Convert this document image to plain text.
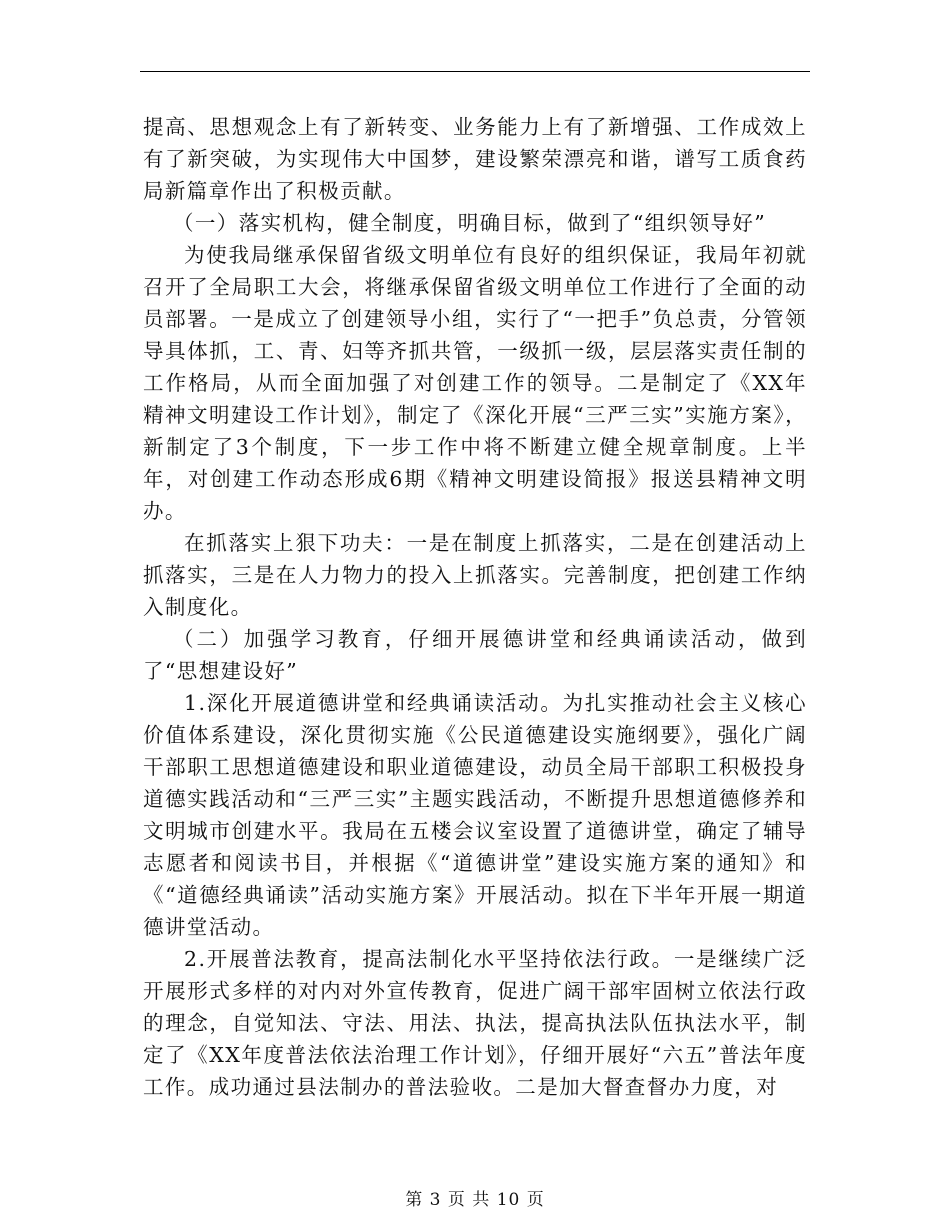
提高、思想观念上有了新转变、业务能力上有了新增强、工作成效上有了新突破，为实现伟大中国梦，建设繁荣漂亮和谐，谱写工质食药局新篇章作出了积极贡献。

（一）落实机构，健全制度，明确目标，做到了“组织领导好”

为使我局继承保留省级文明单位有良好的组织保证，我局年初就召开了全局职工大会，将继承保留省级文明单位工作进行了全面的动员部署。一是成立了创建领导小组，实行了“一把手”负总责，分管领导具体抓，工、青、妇等齐抓共管，一级抓一级，层层落实责任制的工作格局，从而全面加强了对创建工作的领导。二是制定了《XX年精神文明建设工作计划》，制定了《深化开展“三严三实”实施方案》，新制定了3个制度，下一步工作中将不断建立健全规章制度。上半年，对创建工作动态形成6期《精神文明建设简报》报送县精神文明办。

在抓落实上狠下功夫：一是在制度上抓落实，二是在创建活动上抓落实，三是在人力物力的投入上抓落实。完善制度，把创建工作纳入制度化。

（二）加强学习教育，仔细开展德讲堂和经典诵读活动，做到了“思想建设好”

1.深化开展道德讲堂和经典诵读活动。为扎实推动社会主义核心价值体系建设，深化贯彻实施《公民道德建设实施纲要》，强化广阔干部职工思想道德建设和职业道德建设，动员全局干部职工积极投身道德实践活动和“三严三实”主题实践活动，不断提升思想道德修养和文明城市创建水平。我局在五楼会议室设置了道德讲堂，确定了辅导志愿者和阅读书目，并根据《“道德讲堂”建设实施方案的通知》和《“道德经典诵读”活动实施方案》开展活动。拟在下半年开展一期道德讲堂活动。

2.开展普法教育，提高法制化水平坚持依法行政。一是继续广泛开展形式多样的对内对外宣传教育，促进广阔干部牢固树立依法行政的理念，自觉知法、守法、用法、执法，提高执法队伍执法水平，制定了《XX年度普法依法治理工作计划》，仔细开展好“六五”普法年度工作。成功通过县法制办的普法验收。二是加大督查督办力度，对

第 3 页 共 10 页
